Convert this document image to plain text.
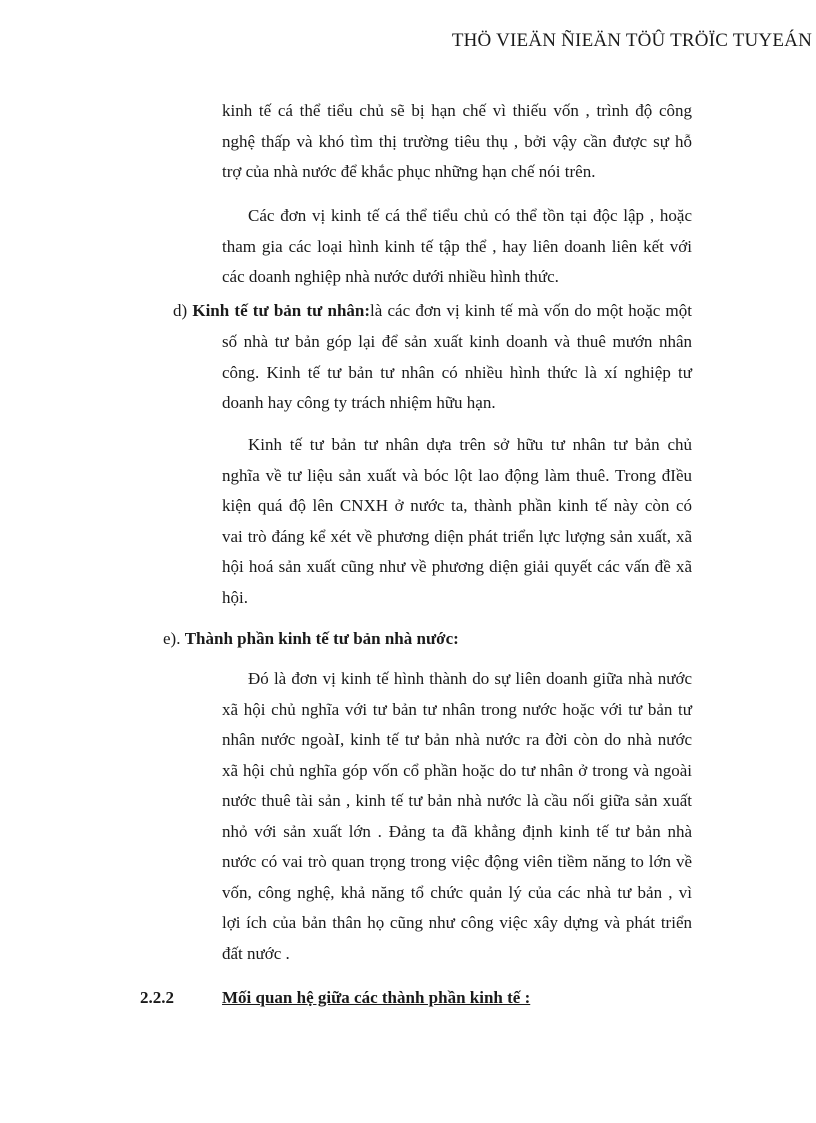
THÖ VIEÄN ÑIEÄN TÖÛ TRÖÏC TUYEÁN
kinh tế cá thể tiểu chủ sẽ bị hạn chế vì thiếu vốn , trình độ công
nghệ thấp và khó tìm thị trường tiêu thụ , bởi vậy cần được sự hỗ
trợ của nhà nước để khắc phục những hạn chế nói trên.
Các đơn vị kinh tế cá thể tiểu chủ có thể tồn tại độc lập , hoặc
tham gia các loại hình kinh tế tập thể , hay liên doanh liên kết với
các doanh nghiệp nhà nước dưới nhiều hình thức.
d) Kinh tế tư bản tư nhân:là các đơn vị kinh tế mà vốn do một hoặc một
số nhà tư bản góp lại để sản xuất kinh doanh và thuê mướn nhân
công. Kinh tế tư bản tư nhân có nhiều hình thức là xí nghiệp tư
doanh hay công ty trách nhiệm hữu hạn.
Kinh tế tư bản tư nhân dựa trên sở hữu tư nhân tư bản chủ
nghĩa về tư liệu sản xuất và bóc lột lao động làm thuê. Trong đIều
kiện quá độ lên CNXH ở nước ta, thành phần kinh tế này còn có
vai trò đáng kể xét về phương diện phát triển lực lượng sản xuất, xã
hội hoá sản xuất cũng như về phương diện giải quyết các vấn đề xã
hội.
e). Thành phần kinh tế tư bản nhà nước:
Đó là đơn vị kinh tế hình thành do sự liên doanh giữa nhà nước
xã hội chủ nghĩa với tư bản tư nhân trong nước hoặc với tư bản tư
nhân nước ngoàI, kinh tế tư bản nhà nước ra đời còn do nhà nước
xã hội chủ nghĩa góp vốn cổ phần hoặc do tư nhân ở trong và ngoài
nước thuê tài sản , kinh tế tư bản nhà nước là cầu nối giữa sản xuất
nhỏ với sản xuất lớn . Đảng ta đã khẳng định kinh tế tư bản nhà
nước có vai trò quan trọng trong việc động viên tiềm năng to lớn về
vốn, công nghệ, khả năng tổ chức quản lý của các nhà tư bản , vì
lợi ích của bản thân họ cũng như công việc xây dựng và phát triển
đất nước .
2.2.2	Mối quan hệ giữa các thành phần kinh tế :
